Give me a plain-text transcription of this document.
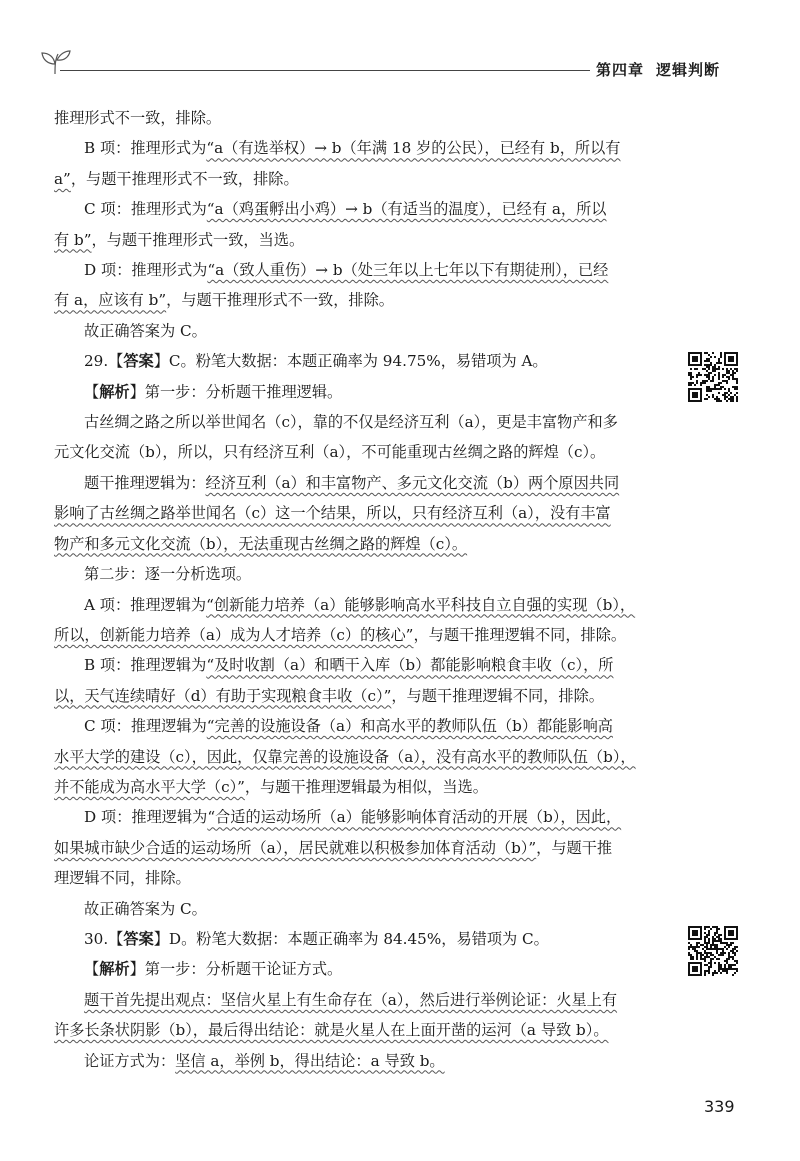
第四章 逻辑判断

推理形式不一致，排除。

B 项：推理形式为“a（有选举权）→ b（年满 18 岁的公民），已经有 b，所以有

a”，与题干推理形式不一致，排除。

C 项：推理形式为“a（鸡蛋孵出小鸡）→ b（有适当的温度），已经有 a，所以

有 b”，与题干推理形式一致，当选。

D 项：推理形式为“a（致人重伤）→ b（处三年以上七年以下有期徒刑），已经

有 a，应该有 b”，与题干推理形式不一致，排除。

故正确答案为 C。

29.【答案】C。粉笔大数据：本题正确率为 94.75%，易错项为 A。

【解析】第一步：分析题干推理逻辑。

古丝绸之路之所以举世闻名（c），靠的不仅是经济互利（a），更是丰富物产和多

元文化交流（b），所以，只有经济互利（a），不可能重现古丝绸之路的辉煌（c）。

题干推理逻辑为：经济互利（a）和丰富物产、多元文化交流（b）两个原因共同

影响了古丝绸之路举世闻名（c）这一个结果，所以，只有经济互利（a），没有丰富

物产和多元文化交流（b），无法重现古丝绸之路的辉煌（c）。

第二步：逐一分析选项。

A 项：推理逻辑为“创新能力培养（a）能够影响高水平科技自立自强的实现（b），

所以，创新能力培养（a）成为人才培养（c）的核心”，与题干推理逻辑不同，排除。

B 项：推理逻辑为“及时收割（a）和晒干入库（b）都能影响粮食丰收（c），所

以，天气连续晴好（d）有助于实现粮食丰收（c）”，与题干推理逻辑不同，排除。

C 项：推理逻辑为“完善的设施设备（a）和高水平的教师队伍（b）都能影响高

水平大学的建设（c），因此，仅靠完善的设施设备（a），没有高水平的教师队伍（b），

并不能成为高水平大学（c）”，与题干推理逻辑最为相似，当选。

D 项：推理逻辑为“合适的运动场所（a）能够影响体育活动的开展（b），因此，

如果城市缺少合适的运动场所（a），居民就难以积极参加体育活动（b）”，与题干推

理逻辑不同，排除。

故正确答案为 C。

30.【答案】D。粉笔大数据：本题正确率为 84.45%，易错项为 C。

【解析】第一步：分析题干论证方式。

题干首先提出观点：坚信火星上有生命存在（a），然后进行举例论证：火星上有

许多长条状阴影（b），最后得出结论：就是火星人在上面开凿的运河（a 导致 b）。

论证方式为：坚信 a，举例 b，得出结论：a 导致 b。

339
